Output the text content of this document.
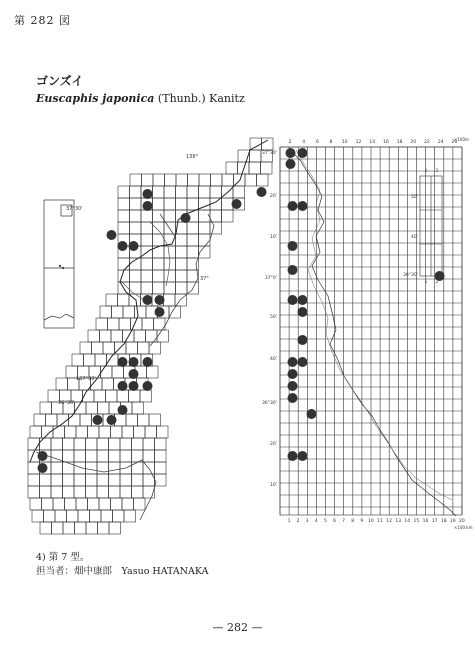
第 282 図
ゴンズイ
Euscaphis japonica (Thunb.) Kanitz
138°
37°30'
37°
137°30'
36°30'
×100m
2 4 6 8 10 12 14 16 18 20 22 24 26
1 2 3 4 5 6 7 8 9 10 11 12 13 14 15 16 17 18 19 20
×100 km
37°30'
20'
10'
37°0'
50'
40'
36°30'
20'
10'
1 2
1 2
50'
40'
36°30'
4) 第 7 型。
担当者：畑中康郎　Yasuo HATANAKA
— 282 —
